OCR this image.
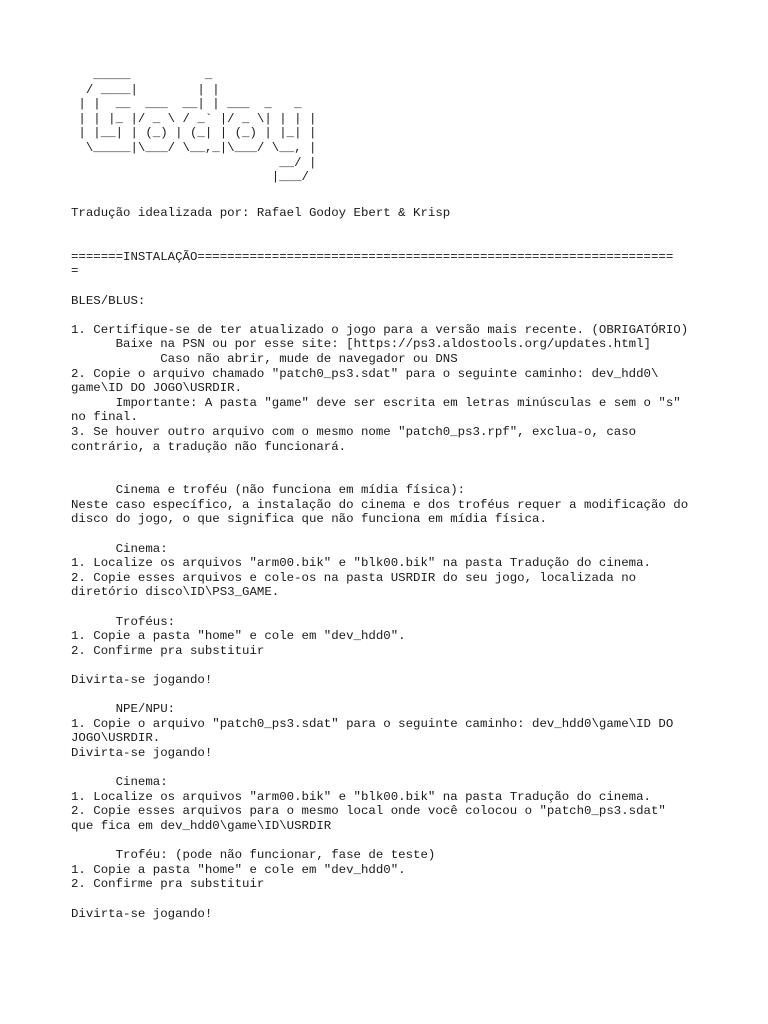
_____          _
/ ____|        | |
| |  __  ___  __| | ___  _   _
| | |_ |/ _ \ / _` |/ _ \| | | |
| |__| | (_) | (_| | (_) | |_| |
\_____|\___/ \__,_|\___/ \__, |
__/ |
|___/
Tradução idealizada por: Rafael Godoy Ebert & Krisp
=======INSTALAÇÃO================================================================
=
BLES/BLUS:
1. Certifique-se de ter atualizado o jogo para a versão mais recente. (OBRIGATÓRIO)
Baixe na PSN ou por esse site: [https://ps3.aldostools.org/updates.html]
Caso não abrir, mude de navegador ou DNS
2. Copie o arquivo chamado "patch0_ps3.sdat" para o seguinte caminho: dev_hdd0\
game\ID DO JOGO\USRDIR.
Importante: A pasta "game" deve ser escrita em letras minúsculas e sem o "s"
no final.
3. Se houver outro arquivo com o mesmo nome "patch0_ps3.rpf", exclua-o, caso
contrário, a tradução não funcionará.
Cinema e troféu (não funciona em mídia física):
Neste caso específico, a instalação do cinema e dos troféus requer a modificação do
disco do jogo, o que significa que não funciona em mídia física.
Cinema:
1. Localize os arquivos "arm00.bik" e "blk00.bik" na pasta Tradução do cinema.
2. Copie esses arquivos e cole-os na pasta USRDIR do seu jogo, localizada no
diretório disco\ID\PS3_GAME.
Troféus:
1. Copie a pasta "home" e cole em "dev_hdd0".
2. Confirme pra substituir
Divirta-se jogando!
NPE/NPU:
1. Copie o arquivo "patch0_ps3.sdat" para o seguinte caminho: dev_hdd0\game\ID DO
JOGO\USRDIR.
Divirta-se jogando!
Cinema:
1. Localize os arquivos "arm00.bik" e "blk00.bik" na pasta Tradução do cinema.
2. Copie esses arquivos para o mesmo local onde você colocou o "patch0_ps3.sdat"
que fica em dev_hdd0\game\ID\USRDIR
Troféu: (pode não funcionar, fase de teste)
1. Copie a pasta "home" e cole em "dev_hdd0".
2. Confirme pra substituir
Divirta-se jogando!
